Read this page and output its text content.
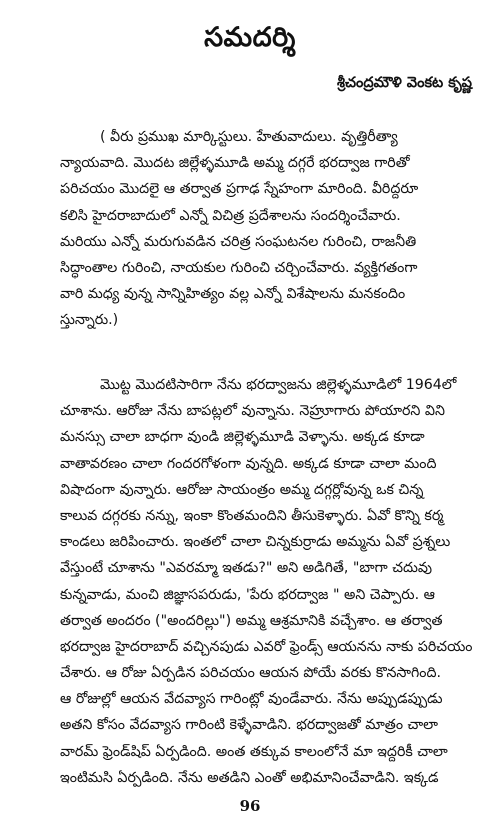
సమదర్శి
శ్రీచంద్రమౌళి వెంకట కృష్ణ
( వీరు ప్రముఖ మార్కిస్టులు. హేతువాదులు. వృత్తిరీత్యా
న్యాయవాది. మొదట జిల్లేళ్ళమూడి అమ్మ దగ్గరే భరద్వాజ గారితో
పరిచయం మొదలై ఆ తర్వాత ప్రగాఢ స్నేహంగా మారింది. వీరిద్దరూ
కలిసి హైదరాబాదులో ఎన్నో విచిత్ర ప్రదేశాలను సందర్శించేవారు.
మరియు ఎన్నో మరుగువడిన చరిత్ర సంఘటనల గురించి, రాజనీతి
సిద్ధాంతాల గురించి, నాయకుల గురించి చర్చించేవారు. వ్యక్తిగతంగా
వారి మధ్య వున్న సాన్నిహిత్యం వల్ల ఎన్నో విశేషాలను మనకందిం
స్తున్నారు.)
మొట్ట మొదటిసారిగా నేను భరద్వాజను జిల్లెళ్ళమూడిలో 1964లో
చూశాను. ఆరోజు నేను బాపట్లలో వున్నాను. నెహ్రూగారు పోయారని విని
మనస్సు చాలా బాధగా వుండి జిల్లెళ్ళమూడి వెళ్ళాను. అక్కడ కూడా
వాతావరణం చాలా గందరగోళంగా వున్నది. అక్కడ కూడా చాలా మంది
విషాదంగా వున్నారు. ఆరోజు సాయంత్రం అమ్మ దగ్గర్లోవున్న ఒక చిన్న
కాలువ దగ్గరకు నన్ను, ఇంకా కొంతమందిని తీసుకెళ్ళారు. ఏవో కొన్ని కర్మ
కాండలు జరిపించారు. ఇంతలో చాలా చిన్నకుర్రాడు అమ్మను ఏవో ప్రశ్నలు
వేస్తుంటే చూశాను "ఎవరమ్మా ఇతడు?" అని అడిగితే, "బాగా చదువు
కున్నవాడు, మంచి జిజ్ఞాసపరుడు, 'పేరు భరద్వాజ " అని చెప్పారు. ఆ
తర్వాత అందరం ("అందరిల్లు") అమ్మ ఆశ్రమానికి వచ్చేశాం. ఆ తర్వాత
భరద్వాజ హైదరాబాద్ వచ్చినపుడు ఎవరో ఫ్రెండ్స్ ఆయనను నాకు పరిచయం
చేశారు. ఆ రోజు ఏర్పడిన పరిచయం ఆయన పోయే వరకు కొనసాగింది.
ఆ రోజుల్లో ఆయన వేదవ్యాస గారింట్లో వుండేవారు. నేను అప్పుడప్పుడు
అతని కోసం వేదవ్యాస గారింటి కెళ్ళేవాడిని. భరద్వాజతో మాత్రం చాలా
వారమ్ ఫ్రెండ్‌షిప్ ఏర్పడింది. అంత తక్కువ కాలంలోనే మా ఇద్దరికీ చాలా
ఇంటిమసి ఏర్పడింది. నేను అతడిని ఎంతో అభిమానించేవాడిని. ఇక్కడ
96
